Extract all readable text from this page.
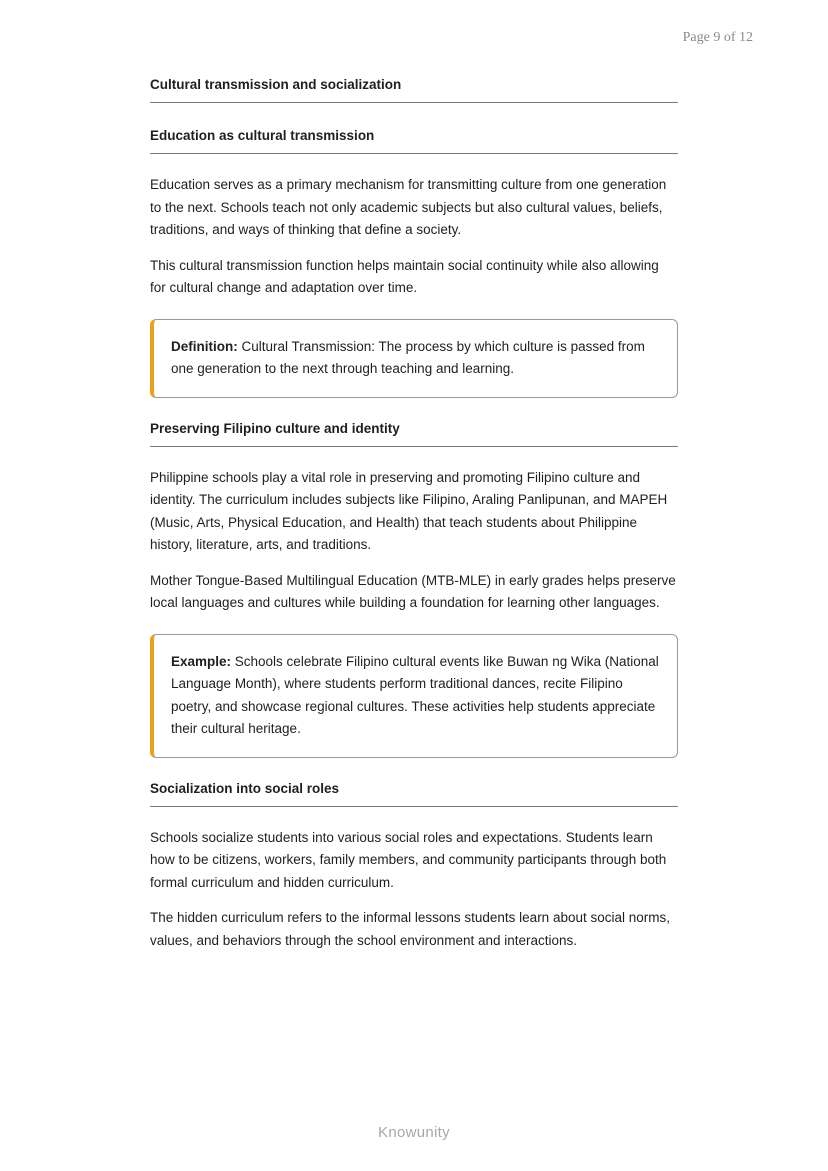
Page 9 of 12
Cultural transmission and socialization
Education as cultural transmission

Education serves as a primary mechanism for transmitting culture from one generation to the next. Schools teach not only academic subjects but also cultural values, beliefs, traditions, and ways of thinking that define a society.

This cultural transmission function helps maintain social continuity while also allowing for cultural change and adaptation over time.

Definition: Cultural Transmission: The process by which culture is passed from one generation to the next through teaching and learning.
Preserving Filipino culture and identity

Philippine schools play a vital role in preserving and promoting Filipino culture and identity. The curriculum includes subjects like Filipino, Araling Panlipunan, and MAPEH (Music, Arts, Physical Education, and Health) that teach students about Philippine history, literature, arts, and traditions.

Mother Tongue-Based Multilingual Education (MTB-MLE) in early grades helps preserve local languages and cultures while building a foundation for learning other languages.

Example: Schools celebrate Filipino cultural events like Buwan ng Wika (National Language Month), where students perform traditional dances, recite Filipino poetry, and showcase regional cultures. These activities help students appreciate their cultural heritage.
Socialization into social roles

Schools socialize students into various social roles and expectations. Students learn how to be citizens, workers, family members, and community participants through both formal curriculum and hidden curriculum.

The hidden curriculum refers to the informal lessons students learn about social norms, values, and behaviors through the school environment and interactions.

Knowunity
